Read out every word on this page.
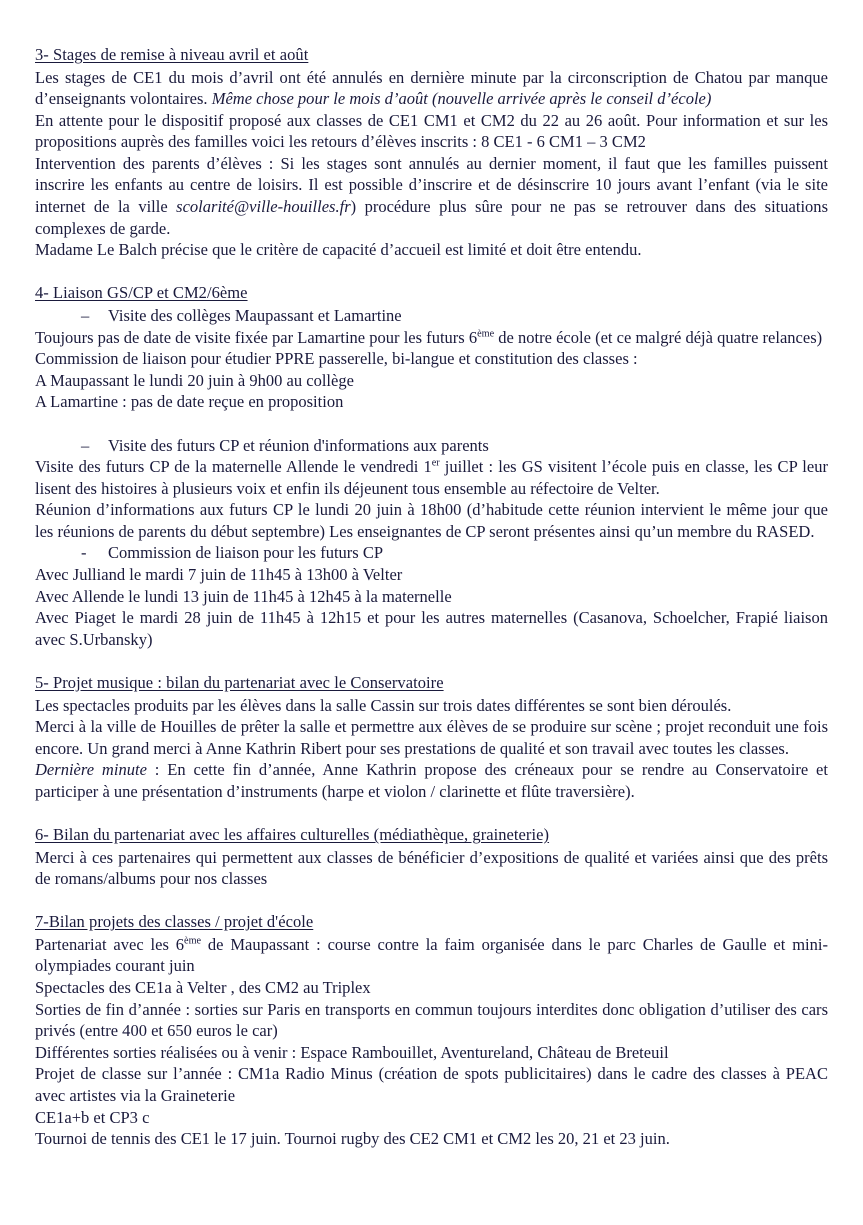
3- Stages de remise à niveau avril et août

Les stages de CE1 du mois d’avril ont été annulés en dernière minute par la circonscription de Chatou par manque d’enseignants volontaires. Même chose pour le mois d’août (nouvelle arrivée après le conseil d’école)

En attente pour le dispositif proposé aux classes de CE1 CM1 et CM2 du 22 au 26 août. Pour information et sur les propositions auprès des familles voici les retours d’élèves inscrits : 8 CE1 - 6 CM1 – 3 CM2

Intervention des parents d’élèves : Si les stages sont annulés au dernier moment, il faut que les familles puissent inscrire les enfants au centre de loisirs. Il est possible d’inscrire et de désinscrire 10 jours avant l’enfant (via le site internet de la ville scolarité@ville-houilles.fr) procédure plus sûre pour ne pas se retrouver dans des situations complexes de garde.

Madame Le Balch précise que le critère de capacité d’accueil est limité et doit être entendu.

4- Liaison GS/CP et CM2/6ème
– Visite des collèges Maupassant et Lamartine

Toujours pas de date de visite fixée par Lamartine pour les futurs 6ème de notre école (et ce malgré déjà quatre relances)

Commission de liaison pour étudier PPRE passerelle, bi-langue et constitution des classes :

A Maupassant le lundi 20 juin à 9h00 au collège

A Lamartine : pas de date reçue en proposition

– Visite des futurs CP et réunion d'informations aux parents

Visite des futurs CP de la maternelle Allende le vendredi 1er juillet : les GS visitent l’école puis en classe, les CP leur lisent des histoires à plusieurs voix et enfin ils déjeunent tous ensemble au réfectoire de Velter.

Réunion d’informations aux futurs CP le lundi 20 juin à 18h00 (d’habitude cette réunion intervient le même jour que les réunions de parents du début septembre) Les enseignantes de CP seront présentes ainsi qu’un membre du RASED.

- Commission de liaison pour les futurs CP

Avec Julliand le mardi 7 juin de 11h45 à 13h00 à Velter

Avec Allende le lundi 13 juin de 11h45 à 12h45 à la maternelle

Avec Piaget le mardi 28 juin de 11h45 à 12h15 et pour les autres maternelles (Casanova, Schoelcher, Frapié liaison avec S.Urbansky)

5- Projet musique : bilan du partenariat avec le Conservatoire

Les spectacles produits par les élèves dans la salle Cassin sur trois dates différentes se sont bien déroulés.

Merci à la ville de Houilles de prêter la salle et permettre aux élèves de se produire sur scène ; projet reconduit une fois encore. Un grand merci à Anne Kathrin Ribert pour ses prestations de qualité et son travail avec toutes les classes.

Dernière minute : En cette fin d’année, Anne Kathrin propose des créneaux pour se rendre au Conservatoire et participer à une présentation d’instruments (harpe et violon / clarinette et flûte traversière).

6- Bilan du partenariat avec les affaires culturelles (médiathèque, graineterie)

Merci à ces partenaires qui permettent aux classes de bénéficier d’expositions de qualité et variées ainsi que des prêts de romans/albums pour nos classes

7-Bilan projets des classes / projet d'école

Partenariat avec les 6ème de Maupassant : course contre la faim organisée dans le parc Charles de Gaulle et mini-olympiades courant juin

Spectacles des CE1a à Velter , des CM2 au Triplex

Sorties de fin d’année : sorties sur Paris en transports en commun toujours interdites donc obligation d’utiliser des cars privés (entre 400 et 650 euros le car)

Différentes sorties réalisées ou à venir : Espace Rambouillet, Aventureland, Château de Breteuil

Projet de classe sur l’année : CM1a Radio Minus (création de spots publicitaires) dans le cadre des classes à PEAC avec artistes via la Graineterie

CE1a+b et CP3 c

Tournoi de tennis des CE1 le 17 juin. Tournoi rugby des CE2 CM1 et CM2 les 20, 21 et 23 juin.
